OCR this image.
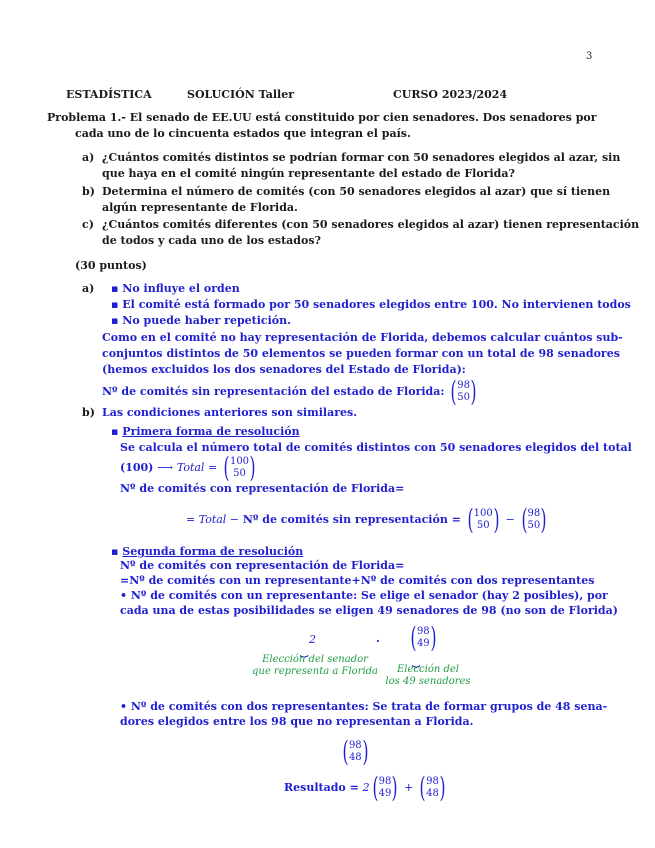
3
ESTADÍSTICA	SOLUCIÓN Taller	CURSO 2023/2024
Problema 1.- El senado de EE.UU está constituido por cien senadores. Dos senadores por
cada uno de lo cincuenta estados que integran el país.
a) ¿Cuántos comités distintos se podrían formar con 50 senadores elegidos al azar, sin
que haya en el comité ningún representante del estado de Florida?
b) Determina el número de comités (con 50 senadores elegidos al azar) que sí tienen
algún representante de Florida.
c) ¿Cuántos comités diferentes (con 50 senadores elegidos al azar) tienen representación
de todos y cada uno de los estados?
(30 puntos)
a) ▪ No influye el orden
▪ El comité está formado por 50 senadores elegidos entre 100. No intervienen todos
▪ No puede haber repetición.
Como en el comité no hay representación de Florida, debemos calcular cuántos sub-
conjuntos distintos de 50 elementos se pueden formar con un total de 98 senadores
(hemos excluidos los dos senadores del Estado de Florida):
Nº de comités sin representación del estado de Florida: ( 98
50 )
b) Las condiciones anteriores son similares.
▪ Primera forma de resolución
Se calcula el número total de comités distintos con 50 senadores elegidos del total
(100) ⟶ Total = ( 100
50 )
Nº de comités con representación de Florida=
= Total − Nº de comités sin representación = ( 100
50 ) − ( 98
50 )
▪ Segunda forma de resolución
Nº de comités con representación de Florida=
=Nº de comités con un representante+Nº de comités con dos representantes
• Nº de comités con un representante: Se elige el senador (hay 2 posibles), por
cada una de estas posibilidades se eligen 49 senadores de 98 (no son de Florida)
2
⏟
· ( 98
49 )
⏟
Elección del senador
que representa a Florida	Elección del
los 49 senadores
• Nº de comités con dos representantes: Se trata de formar grupos de 48 sena-
dores elegidos entre los 98 que no representan a Florida.
( 98
48 )
Resultado = 2 ( 98
49 ) + ( 98
48 )
